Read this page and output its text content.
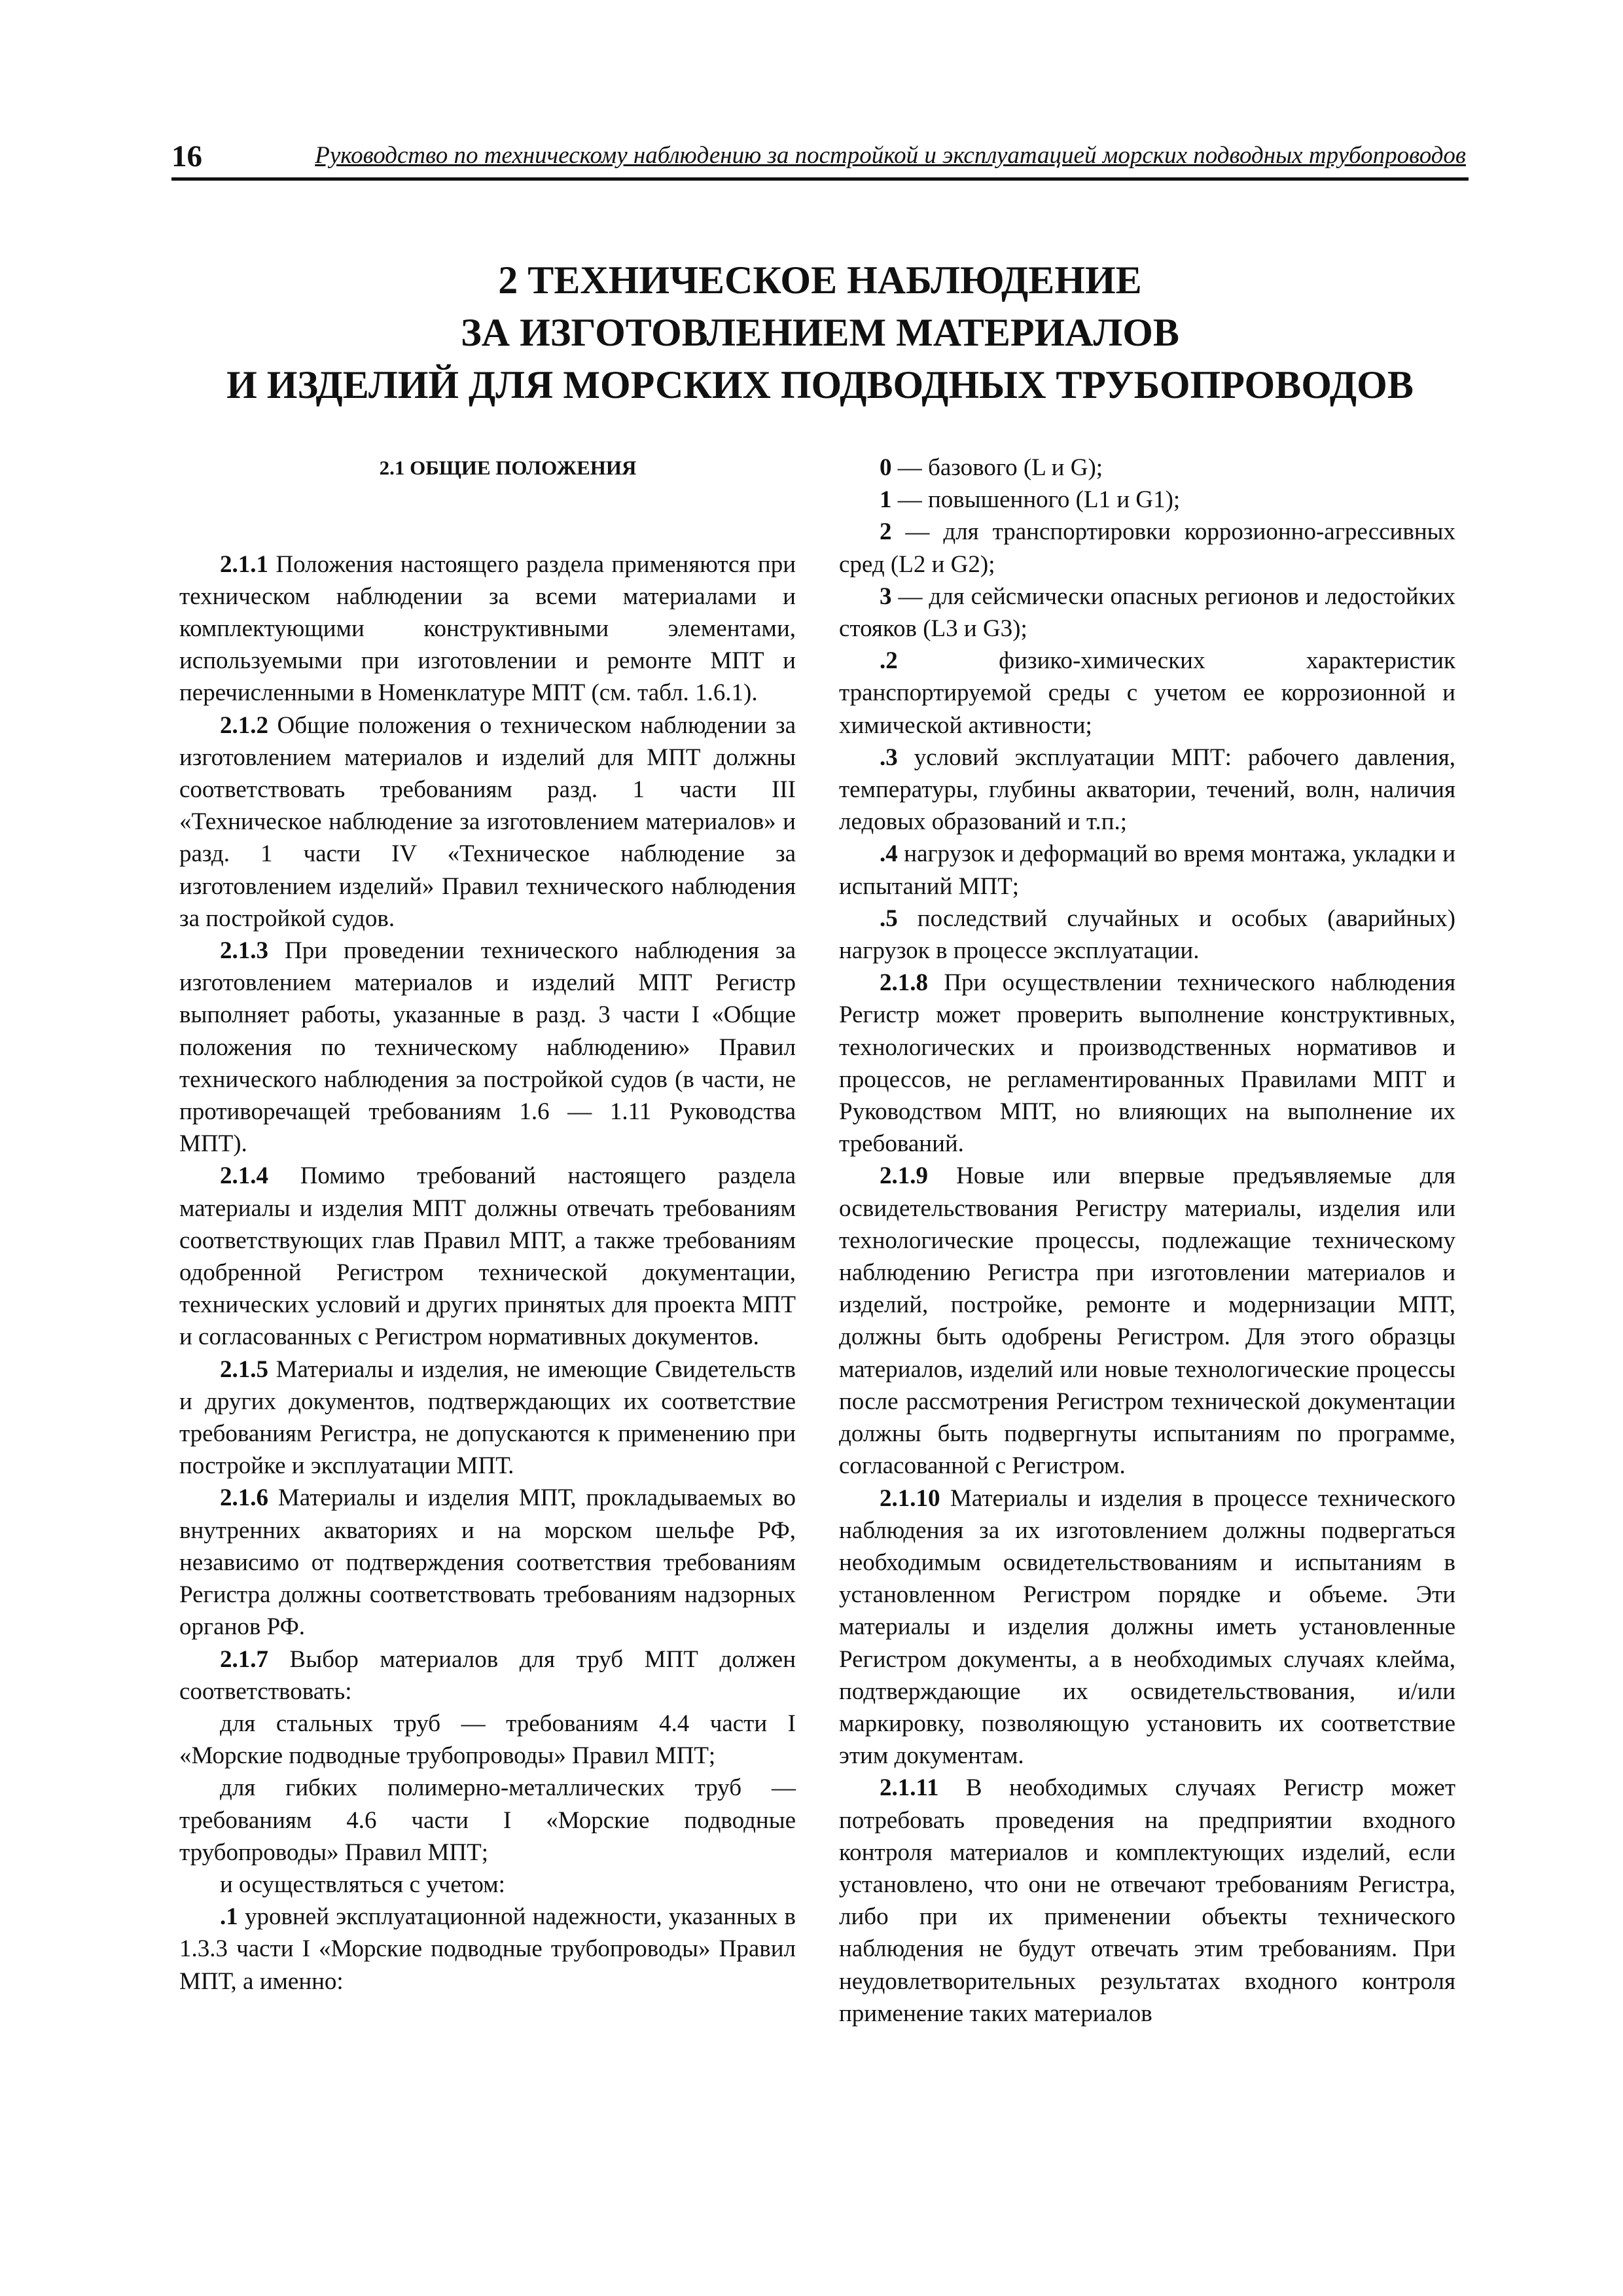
16	Руководство по техническому наблюдению за постройкой и эксплуатацией морских подводных трубопроводов
2 ТЕХНИЧЕСКОЕ НАБЛЮДЕНИЕ
ЗА ИЗГОТОВЛЕНИЕМ МАТЕРИАЛОВ
И ИЗДЕЛИЙ ДЛЯ МОРСКИХ ПОДВОДНЫХ ТРУБОПРОВОДОВ

2.1 ОБЩИЕ ПОЛОЖЕНИЯ

2.1.1 Положения настоящего раздела применяются при техническом наблюдении за всеми материалами и комплектующими конструктивными элементами, используемыми при изготовлении и ремонте МПТ и перечисленными в Номенклатуре МПТ (см. табл. 1.6.1).

2.1.2 Общие положения о техническом наблюдении за изготовлением материалов и изделий для МПТ должны соответствовать требованиям разд. 1 части III «Техническое наблюдение за изготовлением материалов» и разд. 1 части IV «Техническое наблюдение за изготовлением изделий» Правил технического наблюдения за постройкой судов.

2.1.3 При проведении технического наблюдения за изготовлением материалов и изделий МПТ Регистр выполняет работы, указанные в разд. 3 части I «Общие положения по техническому наблюдению» Правил технического наблюдения за постройкой судов (в части, не противоречащей требованиям 1.6 — 1.11 Руководства МПТ).

2.1.4 Помимо требований настоящего раздела материалы и изделия МПТ должны отвечать требованиям соответствующих глав Правил МПТ, а также требованиям одобренной Регистром технической документации, технических условий и других принятых для проекта МПТ и согласованных с Регистром нормативных документов.

2.1.5 Материалы и изделия, не имеющие Свидетельств и других документов, подтверждающих их соответствие требованиям Регистра, не допускаются к применению при постройке и эксплуатации МПТ.

2.1.6 Материалы и изделия МПТ, прокладываемых во внутренних акваториях и на морском шельфе РФ, независимо от подтверждения соответствия требованиям Регистра должны соответствовать требованиям надзорных органов РФ.

2.1.7 Выбор материалов для труб МПТ должен соответствовать:

для стальных труб — требованиям 4.4 части I «Морские подводные трубопроводы» Правил МПТ;

для гибких полимерно-металлических труб — требованиям 4.6 части I «Морские подводные трубопроводы» Правил МПТ;

и осуществляться с учетом:

.1 уровней эксплуатационной надежности, указанных в 1.3.3 части I «Морские подводные трубопроводы» Правил МПТ, а именно:

0 — базового (L и G);

1 — повышенного (L1 и G1);

2 — для транспортировки коррозионно-агрессивных сред (L2 и G2);

3 — для сейсмически опасных регионов и ледостойких стояков (L3 и G3);

.2 физико-химических характеристик транспортируемой среды с учетом ее коррозионной и химической активности;

.3 условий эксплуатации МПТ: рабочего давления, температуры, глубины акватории, течений, волн, наличия ледовых образований и т.п.;

.4 нагрузок и деформаций во время монтажа, укладки и испытаний МПТ;

.5 последствий случайных и особых (аварийных) нагрузок в процессе эксплуатации.

2.1.8 При осуществлении технического наблюдения Регистр может проверить выполнение конструктивных, технологических и производственных нормативов и процессов, не регламентированных Правилами МПТ и Руководством МПТ, но влияющих на выполнение их требований.

2.1.9 Новые или впервые предъявляемые для освидетельствования Регистру материалы, изделия или технологические процессы, подлежащие техническому наблюдению Регистра при изготовлении материалов и изделий, постройке, ремонте и модернизации МПТ, должны быть одобрены Регистром. Для этого образцы материалов, изделий или новые технологические процессы после рассмотрения Регистром технической документации должны быть подвергнуты испытаниям по программе, согласованной с Регистром.

2.1.10 Материалы и изделия в процессе технического наблюдения за их изготовлением должны подвергаться необходимым освидетельствованиям и испытаниям в установленном Регистром порядке и объеме. Эти материалы и изделия должны иметь установленные Регистром документы, а в необходимых случаях клейма, подтверждающие их освидетельствования, и/или маркировку, позволяющую установить их соответствие этим документам.

2.1.11 В необходимых случаях Регистр может потребовать проведения на предприятии входного контроля материалов и комплектующих изделий, если установлено, что они не отвечают требованиям Регистра, либо при их применении объекты технического наблюдения не будут отвечать этим требованиям. При неудовлетворительных результатах входного контроля применение таких материалов
